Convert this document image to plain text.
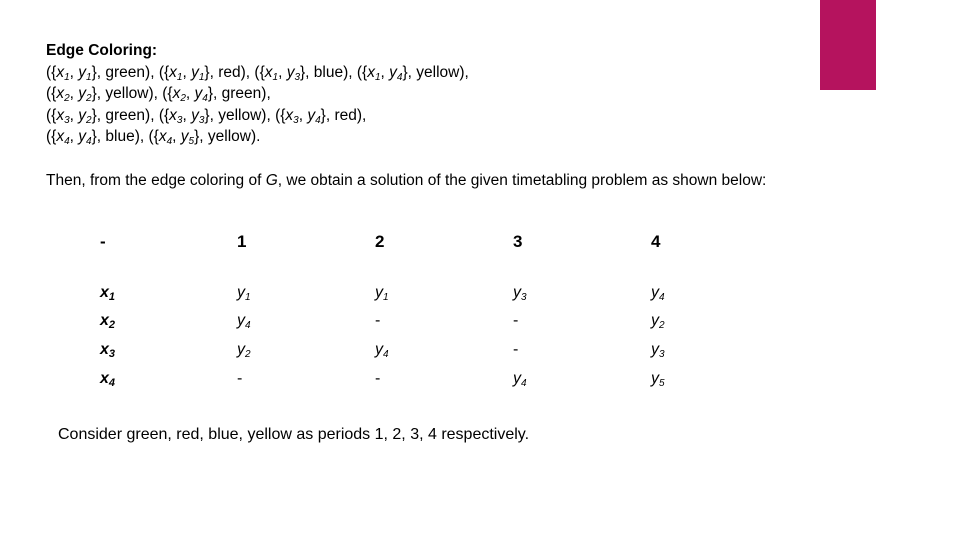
Edge Coloring:
({$x_1$, $y_1$}, green), ({$x_1$, $y_1$}, red), ({$x_1$, $y_3$}, blue), ({$x_1$, $y_4$}, yellow),
({$x_2$, $y_2$}, yellow), ({$x_2$, $y_4$}, green),
({$x_3$, $y_2$}, green), ({$x_3$, $y_3$}, yellow), ({$x_3$, $y_4$}, red),
({$x_4$, $y_4$}, blue), ({$x_4$, $y_5$}, yellow).
Then, from the edge coloring of G, we obtain a solution of the given timetabling problem as shown below:
-	1	2	3	4
$x_1$	$y_1$	$y_1$	$y_3$	$y_4$
$x_2$	$y_4$	-	-	$y_2$
$x_3$	$y_2$	$y_4$	-	$y_3$
$x_4$	-	-	$y_4$	$y_5$
Consider green, red, blue, yellow as periods 1, 2, 3, 4 respectively.
